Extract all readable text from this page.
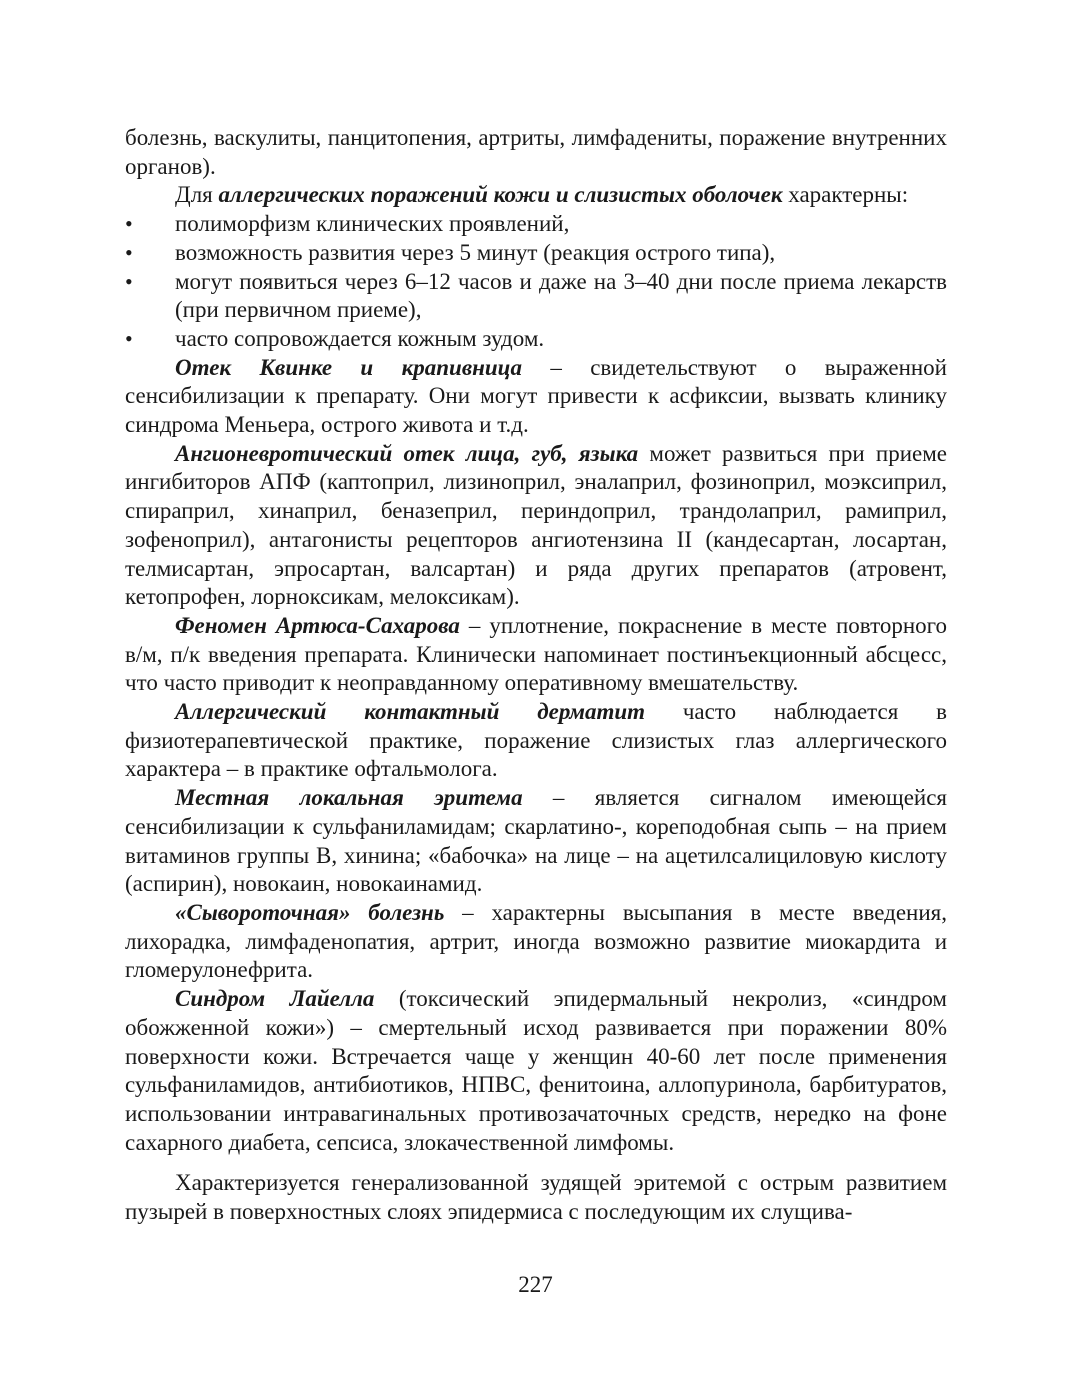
болезнь, васкулиты, панцитопения, артриты, лимфадениты, поражение внутренних органов).

Для аллергических поражений кожи и слизистых оболочек характерны:

• полиморфизм клинических проявлений,
• возможность развития через 5 минут (реакция острого типа),
• могут появиться через 6–12 часов и даже на 3–40 дни после приема лекарств (при первичном приеме),
• часто сопровождается кожным зудом.

Отек Квинке и крапивница – свидетельствуют о выраженной сенсибилизации к препарату. Они могут привести к асфиксии, вызвать клинику синдрома Меньера, острого живота и т.д.

Ангионевротический отек лица, губ, языка может развиться при приеме ингибиторов АПФ (каптоприл, лизиноприл, эналаприл, фозиноприл, моэксиприл, спираприл, хинаприл, беназеприл, периндоприл, трандолаприл, рамиприл, зофеноприл), антагонисты рецепторов ангиотензина II (кандесартан, лосартан, телмисартан, эпросартан, валсартан) и ряда других препаратов (атровент, кетопрофен, лорноксикам, мелоксикам).

Феномен Артюса-Сахарова – уплотнение, покраснение в месте повторного в/м, п/к введения препарата. Клинически напоминает постинъекционный абсцесс, что часто приводит к неоправданному оперативному вмешательству.

Аллергический контактный дерматит часто наблюдается в физиотерапевтической практике, поражение слизистых глаз аллергического характера – в практике офтальмолога.

Местная локальная эритема – является сигналом имеющейся сенсибилизации к сульфаниламидам; скарлатино-, кореподобная сыпь – на прием витаминов группы В, хинина; «бабочка» на лице – на ацетилсалициловую кислоту (аспирин), новокаин, новокаинамид.

«Сывороточная» болезнь – характерны высыпания в месте введения, лихорадка, лимфаденопатия, артрит, иногда возможно развитие миокардита и гломерулонефрита.

Синдром Лайелла (токсический эпидермальный некролиз, «синдром обожженной кожи») – смертельный исход развивается при поражении 80% поверхности кожи. Встречается чаще у женщин 40-60 лет после применения сульфаниламидов, антибиотиков, НПВС, фенитоина, аллопуринола, барбитуратов, использовании интравагинальных противозачаточных средств, нередко на фоне сахарного диабета, сепсиса, злокачественной лимфомы.

Характеризуется генерализованной зудящей эритемой с острым развитием пузырей в поверхностных слоях эпидермиса с последующим их слущива-

227
